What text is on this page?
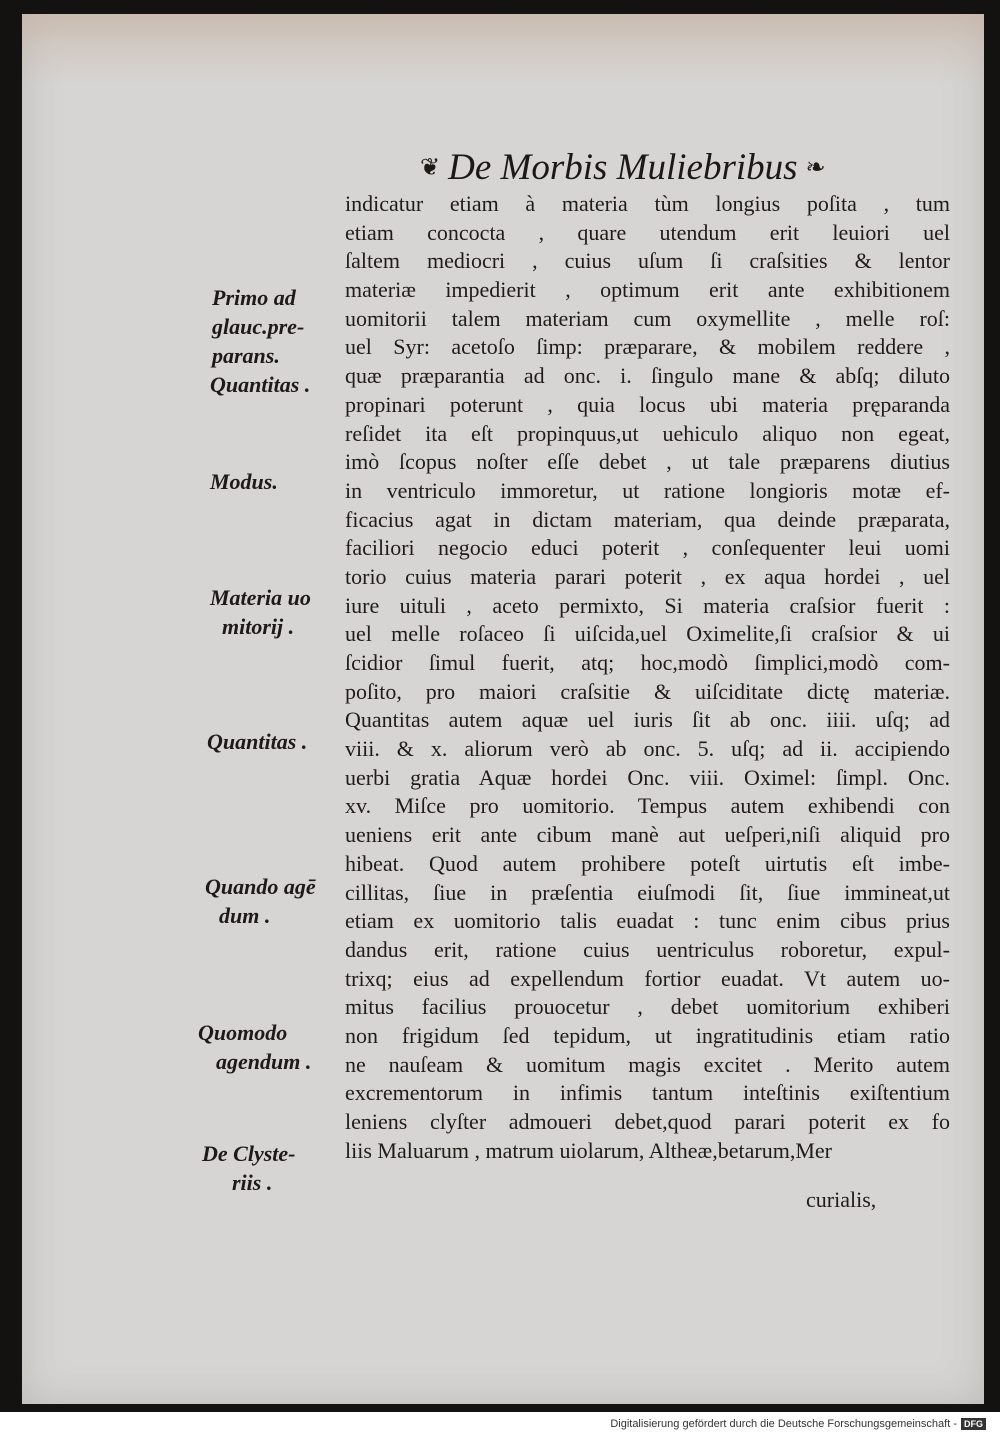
❦ De Morbis Muliebribus ❧
Primo ad
glauc.pre-
parans.
Quantitas .
Modus.
Materia uo
mitorij .
Quantitas .
Quando agē
dum .
Quomodo
agendum .
De Clyste-
riis .
indicatur etiam à materia tùm longius poſita , tum
etiam concocta , quare utendum erit leuiori uel
ſaltem mediocri , cuius uſum ſi craſsities & lentor
materiæ impedierit , optimum erit ante exhibitionem
uomitorii talem materiam cum oxymellite , melle roſ:
uel Syr: acetoſo ſimp: præparare, & mobilem reddere ,
quæ præparantia ad onc. i. ſingulo mane & abſq; diluto
propinari poterunt , quia locus ubi materia pręparanda
reſidet ita eſt propinquus,ut uehiculo aliquo non egeat,
imò ſcopus noſter eſſe debet , ut tale præparens diutius
in ventriculo immoretur, ut ratione longioris motæ ef-
ficacius agat in dictam materiam, qua deinde præparata,
faciliori negocio educi poterit , conſequenter leui uomi
torio cuius materia parari poterit , ex aqua hordei , uel
iure uituli , aceto permixto, Si materia craſsior fuerit :
uel melle roſaceo ſi uiſcida,uel Oximelite,ſi craſsior & ui
ſcidior ſimul fuerit, atq; hoc,modò ſimplici,modò com-
poſito, pro maiori craſsitie & uiſciditate dictę materiæ.
Quantitas autem aquæ uel iuris ſit ab onc. iiii. uſq; ad
viii. & x. aliorum verò ab onc. 5. uſq; ad ii. accipiendo
uerbi gratia Aquæ hordei Onc. viii. Oximel: ſimpl. Onc.
xv. Miſce pro uomitorio. Tempus autem exhibendi con
ueniens erit ante cibum manè aut ueſperi,niſi aliquid pro
hibeat. Quod autem prohibere poteſt uirtutis eſt imbe-
cillitas, ſiue in præſentia eiuſmodi ſit, ſiue immineat,ut
etiam ex uomitorio talis euadat : tunc enim cibus prius
dandus erit, ratione cuius uentriculus roboretur, expul-
trixq; eius ad expellendum fortior euadat. Vt autem uo-
mitus facilius prouocetur , debet uomitorium exhiberi
non frigidum ſed tepidum, ut ingratitudinis etiam ratio
ne nauſeam & uomitum magis excitet . Merito autem
excrementorum in infimis tantum inteſtinis exiſtentium
leniens clyſter admoueri debet,quod parari poterit ex fo
liis Maluarum , matrum uiolarum, Altheæ,betarum,Mer
curialis,
Digitalisierung gefördert durch die Deutsche Forschungsgemeinschaft - DFG
